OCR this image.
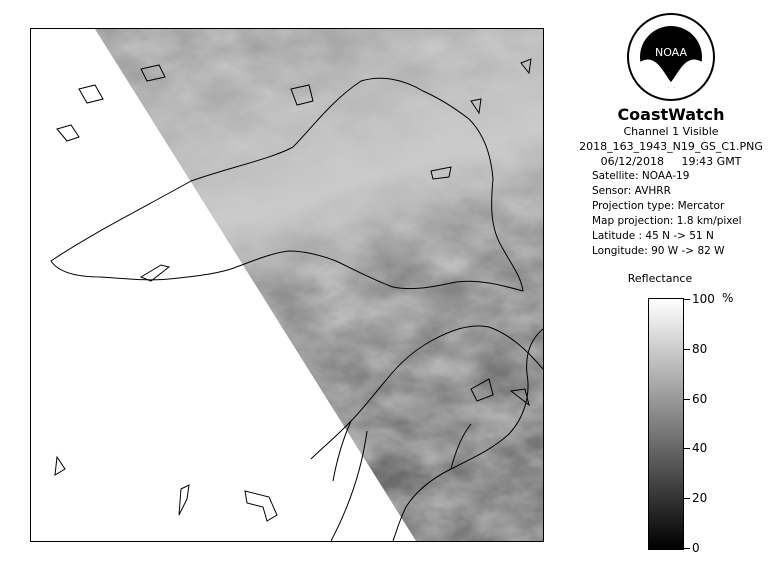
NOAA
CoastWatch
Channel 1 Visible
2018_163_1943_N19_GS_C1.PNG
06/12/2018 19:43 GMT
Satellite: NOAA-19
Sensor: AVHRR
Projection type: Mercator
Map projection: 1.8 km/pixel
Latitude : 45 N -> 51 N
Longitude: 90 W -> 82 W
Reflectance
%
100
80
60
40
20
0
